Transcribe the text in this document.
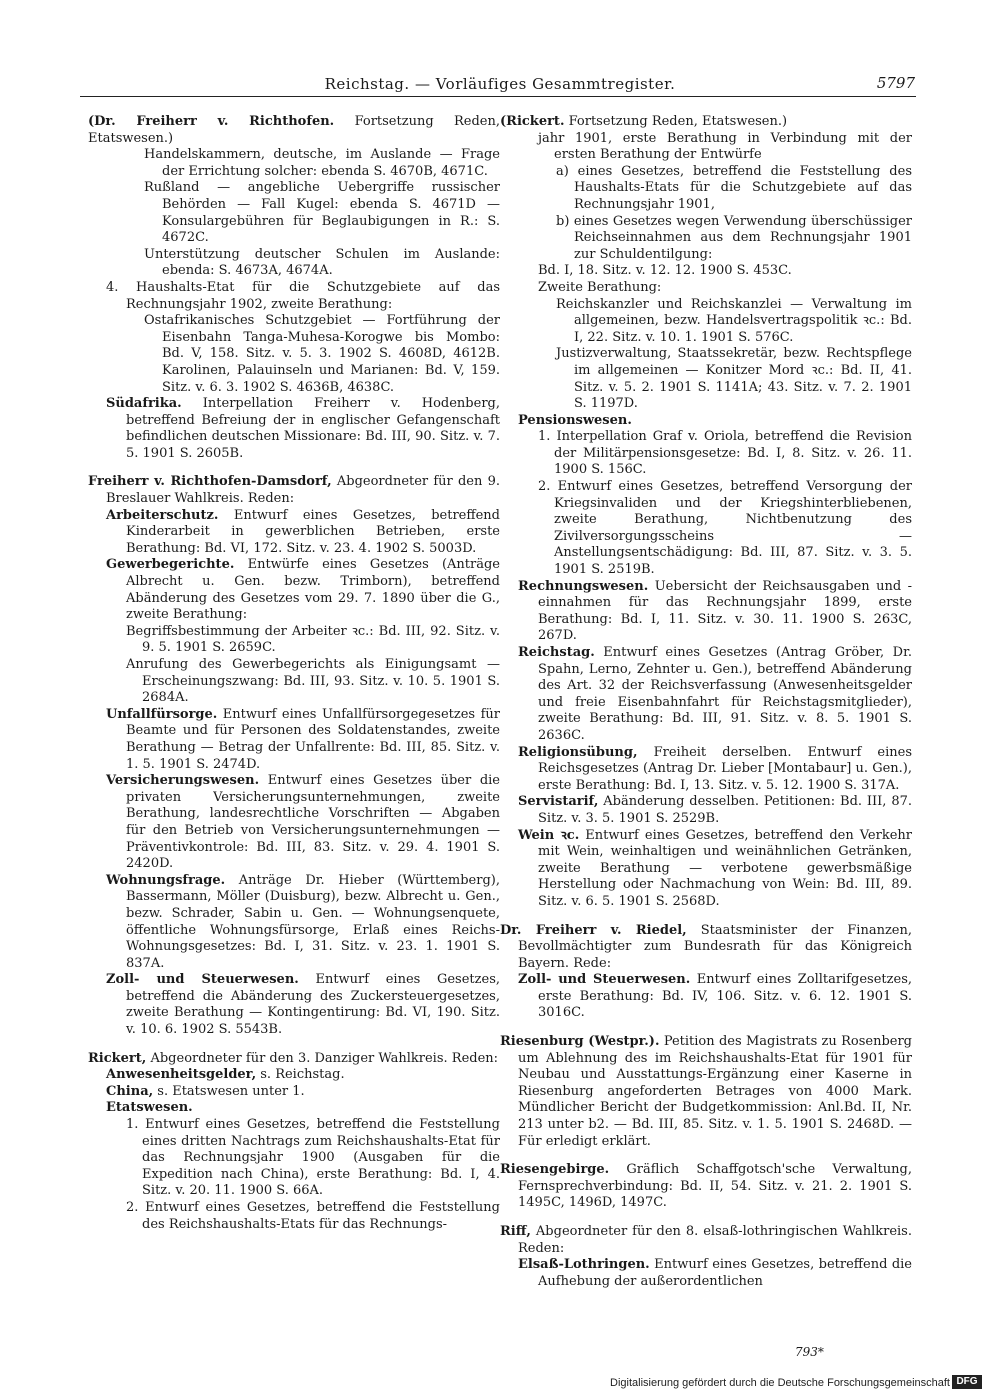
Reichstag. — Vorläufiges Gesammtregister.	5797

(Dr. Freiherr v. Richthofen. Fortsetzung Reden, Etatswesen.)

Handelskammern, deutsche, im Auslande — Frage der Errichtung solcher: ebenda S. 4670B, 4671C.

Rußland — angebliche Uebergriffe russischer Behörden — Fall Kugel: ebenda S. 4671D — Konsulargebühren für Beglaubigungen in R.: S. 4672C.

Unterstützung deutscher Schulen im Auslande: ebenda: S. 4673A, 4674A.

4. Haushalts-Etat für die Schutzgebiete auf das Rechnungsjahr 1902, zweite Berathung:

Ostafrikanisches Schutzgebiet — Fortführung der Eisenbahn Tanga-Muhesa-Korogwe bis Mombo: Bd. V, 158. Sitz. v. 5. 3. 1902 S. 4608D, 4612B. Karolinen, Palauinseln und Marianen: Bd. V, 159. Sitz. v. 6. 3. 1902 S. 4636B, 4638C.

Südafrika. Interpellation Freiherr v. Hodenberg, betreffend Befreiung der in englischer Gefangenschaft befindlichen deutschen Missionare: Bd. III, 90. Sitz. v. 7. 5. 1901 S. 2605B.

Freiherr v. Richthofen-Damsdorf, Abgeordneter für den 9. Breslauer Wahlkreis. Reden:

Arbeiterschutz. Entwurf eines Gesetzes, betreffend Kinderarbeit in gewerblichen Betrieben, erste Berathung: Bd. VI, 172. Sitz. v. 23. 4. 1902 S. 5003D.

Gewerbegerichte. Entwürfe eines Gesetzes (Anträge Albrecht u. Gen. bezw. Trimborn), betreffend Abänderung des Gesetzes vom 29. 7. 1890 über die G., zweite Berathung:

Begriffsbestimmung der Arbeiter ꝛc.: Bd. III, 92. Sitz. v. 9. 5. 1901 S. 2659C.

Anrufung des Gewerbegerichts als Einigungsamt — Erscheinungszwang: Bd. III, 93. Sitz. v. 10. 5. 1901 S. 2684A.

Unfallfürsorge. Entwurf eines Unfallfürsorgegesetzes für Beamte und für Personen des Soldatenstandes, zweite Berathung — Betrag der Unfallrente: Bd. III, 85. Sitz. v. 1. 5. 1901 S. 2474D.

Versicherungswesen. Entwurf eines Gesetzes über die privaten Versicherungsunternehmungen, zweite Berathung, landesrechtliche Vorschriften — Abgaben für den Betrieb von Versicherungsunternehmungen — Präventivkontrole: Bd. III, 83. Sitz. v. 29. 4. 1901 S. 2420D.

Wohnungsfrage. Anträge Dr. Hieber (Württemberg), Bassermann, Möller (Duisburg), bezw. Albrecht u. Gen., bezw. Schrader, Sabin u. Gen. — Wohnungsenquete, öffentliche Wohnungsfürsorge, Erlaß eines Reichs-Wohnungsgesetzes: Bd. I, 31. Sitz. v. 23. 1. 1901 S. 837A.

Zoll- und Steuerwesen. Entwurf eines Gesetzes, betreffend die Abänderung des Zuckersteuergesetzes, zweite Berathung — Kontingentirung: Bd. VI, 190. Sitz. v. 10. 6. 1902 S. 5543B.

Rickert, Abgeordneter für den 3. Danziger Wahlkreis. Reden:

Anwesenheitsgelder, s. Reichstag.

China, s. Etatswesen unter 1.

Etatswesen.

1. Entwurf eines Gesetzes, betreffend die Feststellung eines dritten Nachtrags zum Reichshaushalts-Etat für das Rechnungsjahr 1900 (Ausgaben für die Expedition nach China), erste Berathung: Bd. I, 4. Sitz. v. 20. 11. 1900 S. 66A.

2. Entwurf eines Gesetzes, betreffend die Feststellung des Reichshaushalts-Etats für das Rechnungs-

(Rickert. Fortsetzung Reden, Etatswesen.)

jahr 1901, erste Berathung in Verbindung mit der ersten Berathung der Entwürfe

a) eines Gesetzes, betreffend die Feststellung des Haushalts-Etats für die Schutzgebiete auf das Rechnungsjahr 1901,

b) eines Gesetzes wegen Verwendung überschüssiger Reichseinnahmen aus dem Rechnungsjahr 1901 zur Schuldentilgung:

Bd. I, 18. Sitz. v. 12. 12. 1900 S. 453C.

Zweite Berathung:

Reichskanzler und Reichskanzlei — Verwaltung im allgemeinen, bezw. Handelsvertragspolitik ꝛc.: Bd. I, 22. Sitz. v. 10. 1. 1901 S. 576C.

Justizverwaltung, Staatssekretär, bezw. Rechtspflege im allgemeinen — Konitzer Mord ꝛc.: Bd. II, 41. Sitz. v. 5. 2. 1901 S. 1141A; 43. Sitz. v. 7. 2. 1901 S. 1197D.

Pensionswesen.

1. Interpellation Graf v. Oriola, betreffend die Revision der Militärpensionsgesetze: Bd. I, 8. Sitz. v. 26. 11. 1900 S. 156C.

2. Entwurf eines Gesetzes, betreffend Versorgung der Kriegsinvaliden und der Kriegshinterbliebenen, zweite Berathung, Nichtbenutzung des Zivilversorgungsscheins — Anstellungsentschädigung: Bd. III, 87. Sitz. v. 3. 5. 1901 S. 2519B.

Rechnungswesen. Uebersicht der Reichsausgaben und -einnahmen für das Rechnungsjahr 1899, erste Berathung: Bd. I, 11. Sitz. v. 30. 11. 1900 S. 263C, 267D.

Reichstag. Entwurf eines Gesetzes (Antrag Gröber, Dr. Spahn, Lerno, Zehnter u. Gen.), betreffend Abänderung des Art. 32 der Reichsverfassung (Anwesenheitsgelder und freie Eisenbahnfahrt für Reichstagsmitglieder), zweite Berathung: Bd. III, 91. Sitz. v. 8. 5. 1901 S. 2636C.

Religionsübung, Freiheit derselben. Entwurf eines Reichsgesetzes (Antrag Dr. Lieber [Montabaur] u. Gen.), erste Berathung: Bd. I, 13. Sitz. v. 5. 12. 1900 S. 317A.

Servistarif, Abänderung desselben. Petitionen: Bd. III, 87. Sitz. v. 3. 5. 1901 S. 2529B.

Wein ꝛc. Entwurf eines Gesetzes, betreffend den Verkehr mit Wein, weinhaltigen und weinähnlichen Getränken, zweite Berathung — verbotene gewerbsmäßige Herstellung oder Nachmachung von Wein: Bd. III, 89. Sitz. v. 6. 5. 1901 S. 2568D.

Dr. Freiherr v. Riedel, Staatsminister der Finanzen, Bevollmächtigter zum Bundesrath für das Königreich Bayern. Rede:

Zoll- und Steuerwesen. Entwurf eines Zolltarifgesetzes, erste Berathung: Bd. IV, 106. Sitz. v. 6. 12. 1901 S. 3016C.

Riesenburg (Westpr.). Petition des Magistrats zu Rosenberg um Ablehnung des im Reichshaushalts-Etat für 1901 für Neubau und Ausstattungs-Ergänzung einer Kaserne in Riesenburg angeforderten Betrages von 4000 Mark. Mündlicher Bericht der Budgetkommission: Anl.Bd. II, Nr. 213 unter b2. — Bd. III, 85. Sitz. v. 1. 5. 1901 S. 2468D. — Für erledigt erklärt.

Riesengebirge. Gräflich Schaffgotsch'sche Verwaltung, Fernsprechverbindung: Bd. II, 54. Sitz. v. 21. 2. 1901 S. 1495C, 1496D, 1497C.

Riff, Abgeordneter für den 8. elsaß-lothringischen Wahlkreis. Reden:

Elsaß-Lothringen. Entwurf eines Gesetzes, betreffend die Aufhebung der außerordentlichen

793*
Digitalisierung gefördert durch die Deutsche Forschungsgemeinschaft DFG
